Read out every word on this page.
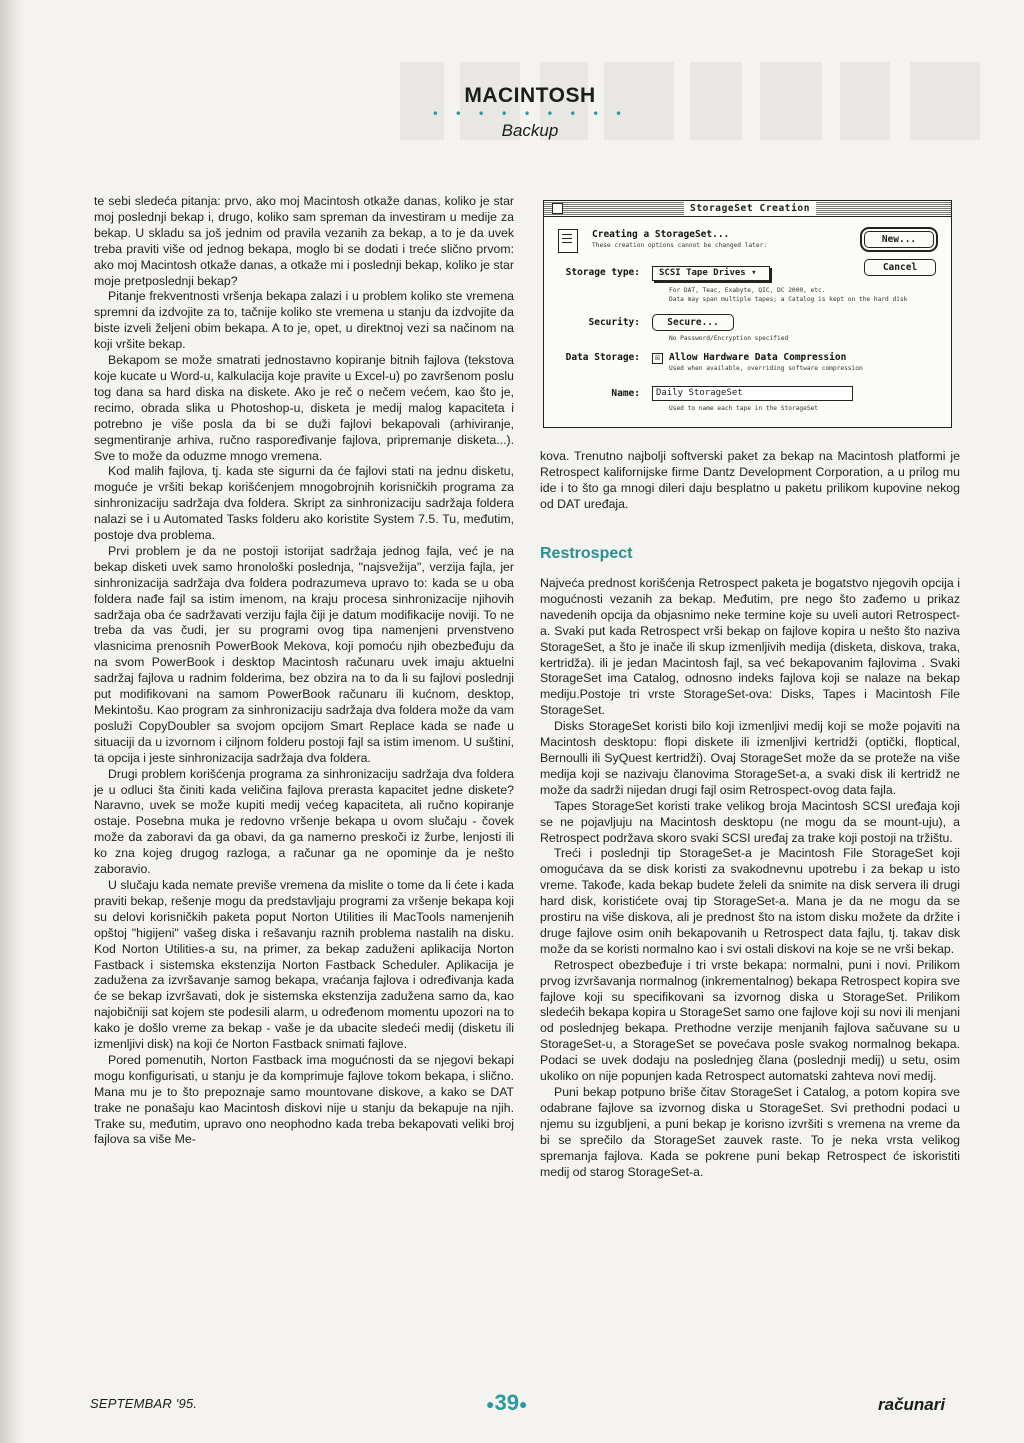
MACINTOSH
• • • • • • • • •
Backup

te sebi sledeća pitanja: prvo, ako moj Macintosh otkaže danas, koliko je star moj poslednji bekap i, drugo, koliko sam spreman da investiram u medije za bekap. U skladu sa još jednim od pravila vezanih za bekap, a to je da uvek treba praviti više od jednog bekapa, moglo bi se dodati i treće slično prvom: ako moj Macintosh otkaže danas, a otkaže mi i poslednji bekap, koliko je star moje pretposlednji bekap?

Pitanje frekventnosti vršenja bekapa zalazi i u problem koliko ste vremena spremni da izdvojite za to, tačnije koliko ste vremena u stanju da izdvojite da biste izveli željeni obim bekapa. A to je, opet, u direktnoj vezi sa načinom na koji vršite bekap.

Bekapom se može smatrati jednostavno kopiranje bitnih fajlova (tekstova koje kucate u Word-u, kalkulacija koje pravite u Excel-u) po završenom poslu tog dana sa hard diska na diskete. Ako je reč o nečem većem, kao što je, recimo, obrada slika u Photoshop-u, disketa je medij malog kapaciteta i potrebno je više posla da bi se duži fajlovi bekapovali (arhiviranje, segmentiranje arhiva, ručno raspoređivanje fajlova, pripremanje disketa...). Sve to može da oduzme mnogo vremena.

Kod malih fajlova, tj. kada ste sigurni da će fajlovi stati na jednu disketu, moguće je vršiti bekap korišćenjem mnogobrojnih korisničkih programa za sinhronizaciju sadržaja dva foldera. Skript za sinhronizaciju sadržaja foldera nalazi se i u Automated Tasks folderu ako koristite System 7.5. Tu, međutim, postoje dva problema.

Prvi problem je da ne postoji istorijat sadržaja jednog fajla, već je na bekap disketi uvek samo hronološki poslednja, "najsvežija", verzija fajla, jer sinhronizacija sadržaja dva foldera podrazumeva upravo to: kada se u oba foldera nađe fajl sa istim imenom, na kraju procesa sinhronizacije njihovih sadržaja oba će sadržavati verziju fajla čiji je datum modifikacije noviji. To ne treba da vas čudi, jer su programi ovog tipa namenjeni prvenstveno vlasnicima prenosnih PowerBook Mekova, koji pomoću njih obezbeđuju da na svom PowerBook i desktop Macintosh računaru uvek imaju aktuelni sadržaj fajlova u radnim folderima, bez obzira na to da li su fajlovi poslednji put modifikovani na samom PowerBook računaru ili kućnom, desktop, Mekintošu. Kao program za sinhronizaciju sadržaja dva foldera može da vam posluži CopyDoubler sa svojom opcijom Smart Replace kada se nađe u situaciji da u izvornom i ciljnom folderu postoji fajl sa istim imenom. U suštini, ta opcija i jeste sinhronizacija sadržaja dva foldera.

Drugi problem korišćenja programa za sinhronizaciju sadržaja dva foldera je u odluci šta činiti kada veličina fajlova prerasta kapacitet jedne diskete? Naravno, uvek se može kupiti medij većeg kapaciteta, ali ručno kopiranje ostaje. Posebna muka je redovno vršenje bekapa u ovom slučaju - čovek može da zaboravi da ga obavi, da ga namerno preskoči iz žurbe, lenjosti ili ko zna kojeg drugog razloga, a računar ga ne opominje da je nešto zaboravio.

U slučaju kada nemate previše vremena da mislite o tome da li ćete i kada praviti bekap, rešenje mogu da predstavljaju programi za vršenje bekapa koji su delovi korisničkih paketa poput Norton Utilities ili MacTools namenjenih opštoj "higijeni" vašeg diska i rešavanju raznih problema nastalih na disku. Kod Norton Utilities-a su, na primer, za bekap zaduženi aplikacija Norton Fastback i sistemska ekstenzija Norton Fastback Scheduler. Aplikacija je zadužena za izvršavanje samog bekapa, vraćanja fajlova i određivanja kada će se bekap izvršavati, dok je sistemska ekstenzija zadužena samo da, kao najobičniji sat kojem ste podesili alarm, u određenom momentu upozori na to kako je došlo vreme za bekap - vaše je da ubacite sledeći medij (disketu ili izmenljivi disk) na koji će Norton Fastback snimati fajlove.

Pored pomenutih, Norton Fastback ima mogućnosti da se njegovi bekapi mogu konfigurisati, u stanju je da komprimuje fajlove tokom bekapa, i slično. Mana mu je to što prepoznaje samo mountovane diskove, a kako se DAT trake ne ponašaju kao Macintosh diskovi nije u stanju da bekapuje na njih. Trake su, međutim, upravo ono neophodno kada treba bekapovati veliki broj fajlova sa više Me-

StorageSet Creation
Creating a StorageSet...
These creation options cannot be changed later:
New...
Cancel
Storage type:	SCSI Tape Drives ▾
For DAT, Teac, Exabyte, QIC, DC 2000, etc.
Data may span multiple tapes; a Catalog is kept on the hard disk
Security:	Secure...
No Password/Encryption specified
Data Storage:	☒ Allow Hardware Data Compression
Used when available, overriding software compression
Name:	Daily StorageSet
Used to name each tape in the StorageSet

kova. Trenutno najbolji softverski paket za bekap na Macintosh platformi je Retrospect kalifornijske firme Dantz Development Corporation, a u prilog mu ide i to što ga mnogi dileri daju besplatno u paketu prilikom kupovine nekog od DAT uređaja.

Restrospect

Najveća prednost korišćenja Retrospect paketa je bogatstvo njegovih opcija i mogućnosti vezanih za bekap. Međutim, pre nego što zađemo u prikaz navedenih opcija da objasnimo neke termine koje su uveli autori Retrospect-a. Svaki put kada Retrospect vrši bekap on fajlove kopira u nešto što naziva StorageSet, a što je inače ili skup izmenljivih medija (disketa, diskova, traka, kertridža). ili je jedan Macintosh fajl, sa već bekapovanim fajlovima . Svaki StorageSet ima Catalog, odnosno indeks fajlova koji se nalaze na bekap mediju.Postoje tri vrste StorageSet-ova: Disks, Tapes i Macintosh File StorageSet.

Disks StorageSet koristi bilo koji izmenljivi medij koji se može pojaviti na Macintosh desktopu: flopi diskete ili izmenljivi kertridži (optički, floptical, Bernoulli ili SyQuest kertridži). Ovaj StorageSet može da se proteže na više medija koji se nazivaju članovima StorageSet-a, a svaki disk ili kertridž ne može da sadrži nijedan drugi fajl osim Retrospect-ovog data fajla.

Tapes StorageSet koristi trake velikog broja Macintosh SCSI uređaja koji se ne pojavljuju na Macintosh desktopu (ne mogu da se mount-uju), a Retrospect podržava skoro svaki SCSI uređaj za trake koji postoji na tržištu.

Treći i poslednji tip StorageSet-a je Macintosh File StorageSet koji omogućava da se disk koristi za svakodnevnu upotrebu i za bekap u isto vreme. Takođe, kada bekap budete želeli da snimite na disk servera ili drugi hard disk, koristićete ovaj tip StorageSet-a. Mana je da ne mogu da se prostiru na više diskova, ali je prednost što na istom disku možete da držite i druge fajlove osim onih bekapovanih u Retrospect data fajlu, tj. takav disk može da se koristi normalno kao i svi ostali diskovi na koje se ne vrši bekap.

Retrospect obezbeđuje i tri vrste bekapa: normalni, puni i novi. Prilikom prvog izvršavanja normalnog (inkrementalnog) bekapa Retrospect kopira sve fajlove koji su specifikovani sa izvornog diska u StorageSet. Prilikom sledećih bekapa kopira u StorageSet samo one fajlove koji su novi ili menjani od poslednjeg bekapa. Prethodne verzije menjanih fajlova sačuvane su u StorageSet-u, a StorageSet se povećava posle svakog normalnog bekapa. Podaci se uvek dodaju na poslednjeg člana (poslednji medij) u setu, osim ukoliko on nije popunjen kada Retrospect automatski zahteva novi medij.

Puni bekap potpuno briše čitav StorageSet i Catalog, a potom kopira sve odabrane fajlove sa izvornog diska u StorageSet. Svi prethodni podaci u njemu su izgubljeni, a puni bekap je korisno izvršiti s vremena na vreme da bi se sprečilo da StorageSet zauvek raste. To je neka vrsta velikog spremanja fajlova. Kada se pokrene puni bekap Retrospect će iskoristiti medij od starog StorageSet-a.

SEPTEMBAR '95.	●39●	računari
